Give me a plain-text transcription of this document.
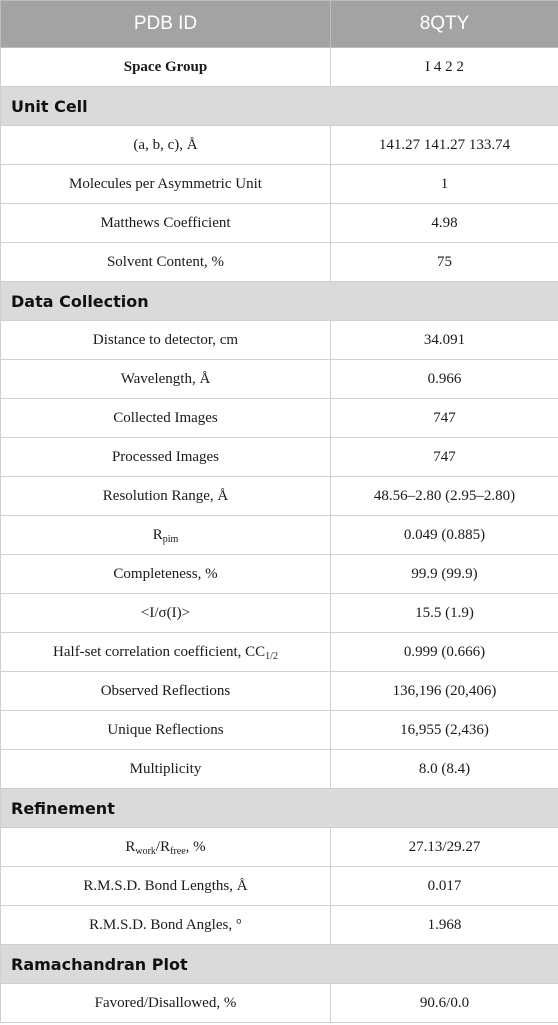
PDB ID	8QTY
Space Group	I 4 2 2
Unit Cell	
(a, b, c), Å	141.27 141.27 133.74
Molecules per Asymmetric Unit	1
Matthews Coefficient	4.98
Solvent Content, %	75
Data Collection	
Distance to detector, cm	34.091
Wavelength, Å	0.966
Collected Images	747
Processed Images	747
Resolution Range, Å	48.56–2.80 (2.95–2.80)
$R_{pim}$	0.049 (0.885)
Completeness, %	99.9 (99.9)
<I/σ(I)>	15.5 (1.9)
Half-set correlation coefficient, $CC_{1/2}$	0.999 (0.666)
Observed Reflections	136,196 (20,406)
Unique Reflections	16,955 (2,436)
Multiplicity	8.0 (8.4)
Refinement	
$R_{work}/R_{free}$, %	27.13/29.27
R.M.S.D. Bond Lengths, Å	0.017
R.M.S.D. Bond Angles, °	1.968
Ramachandran Plot	
Favored/Disallowed, %	90.6/0.0
